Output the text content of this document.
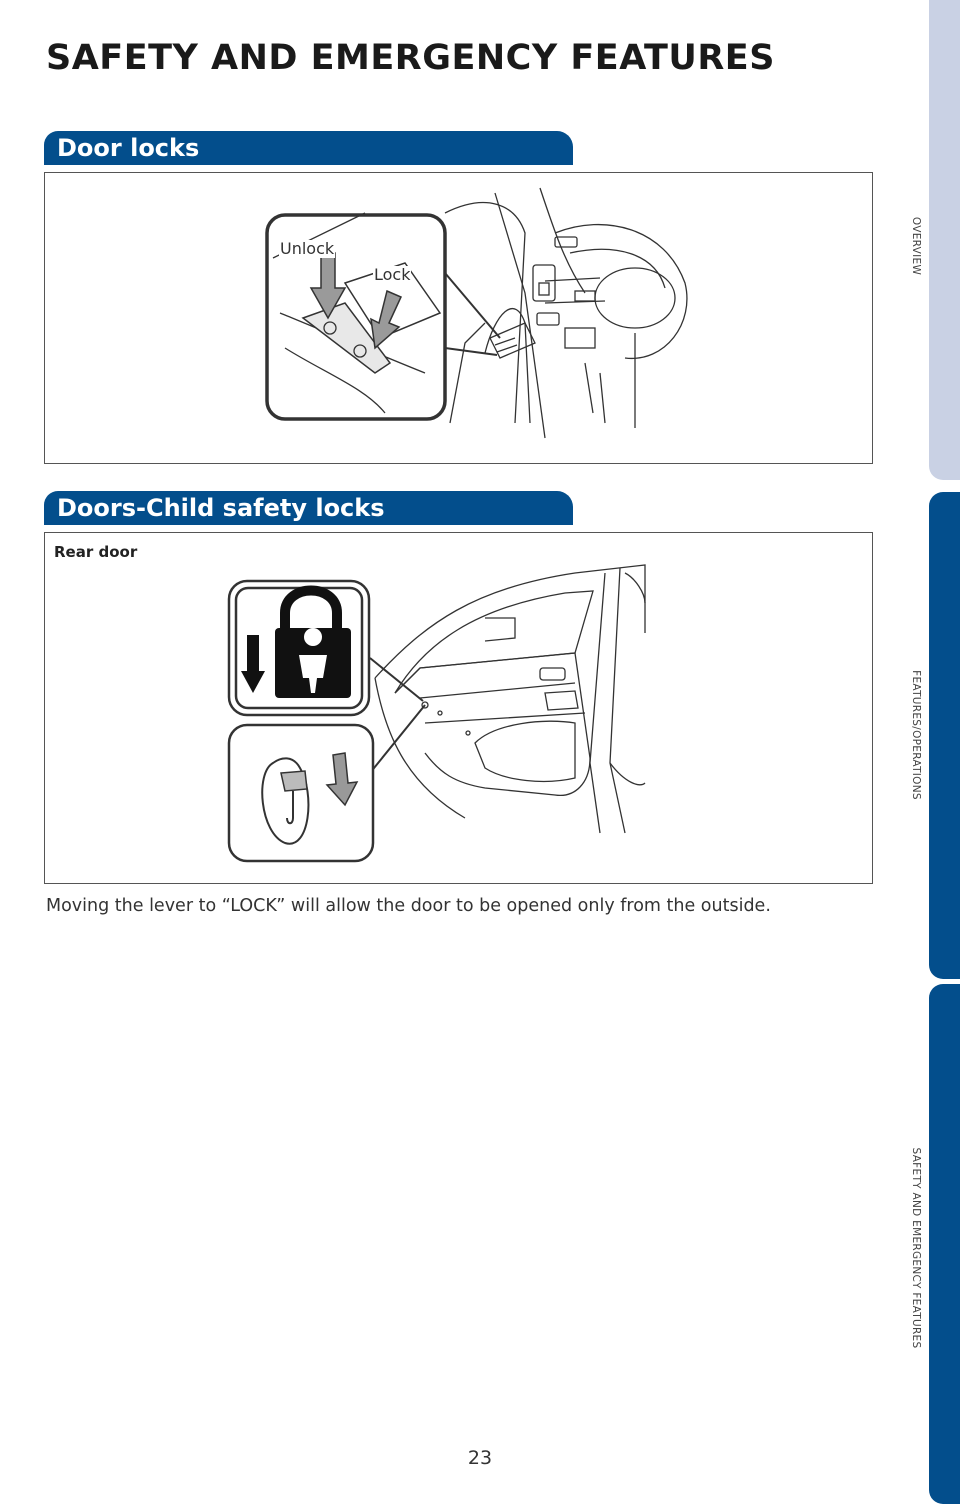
SAFETY AND EMERGENCY FEATURES
Door locks
Unlock
Lock
Doors-Child safety locks
Rear door

Moving the lever to “LOCK” will allow the door to be opened only from the outside.

23
OVERVIEW
FEATURES/OPERATIONS
SAFETY AND EMERGENCY FEATURES
